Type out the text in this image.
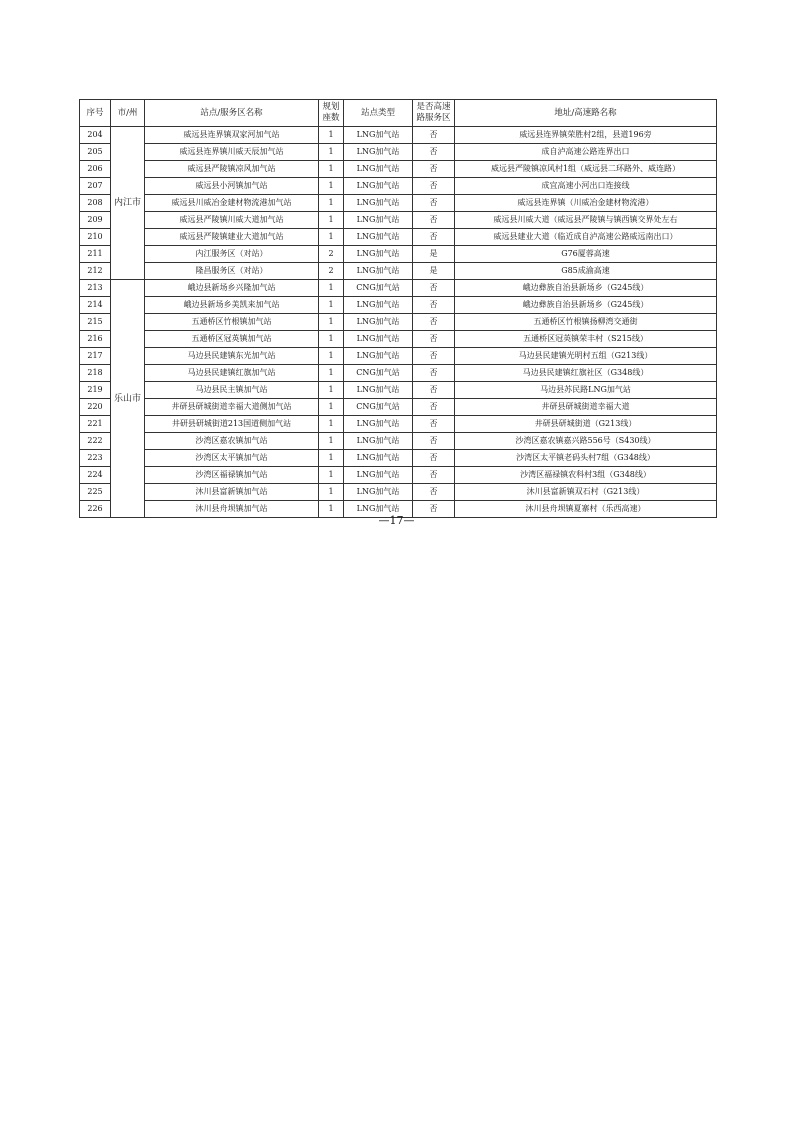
序号	市/州	站点/服务区名称	规划座数	站点类型	是否高速路服务区	地址/高速路名称
204	内江市	威远县连界镇双家河加气站	1	LNG加气站	否	威远县连界镇荣胜村2组，县道196旁
205		威远县连界镇川威天辰加气站	1	LNG加气站	否	成自泸高速公路连界出口
206		威远县严陵镇凉风加气站	1	LNG加气站	否	威远县严陵镇凉风村1组（威远县二环路外、威连路）
207		威远县小河镇加气站	1	LNG加气站	否	成宜高速小河出口连接线
208		威远县川威冶金建材物流港加气站	1	LNG加气站	否	威远县连界镇（川威冶金建材物流港）
209		威远县严陵镇川威大道加气站	1	LNG加气站	否	威远县川威大道（威远县严陵镇与镇西镇交界处左右
210		威远县严陵镇建业大道加气站	1	LNG加气站	否	威远县建业大道（临近成自泸高速公路威远南出口）
211		内江服务区（对站）	2	LNG加气站	是	G76厦蓉高速
212		隆昌服务区（对站）	2	LNG加气站	是	G85成渝高速
213	乐山市	峨边县新场乡兴隆加气站	1	CNG加气站	否	峨边彝族自治县新场乡（G245线）
214		峨边县新场乡美凯来加气站	1	LNG加气站	否	峨边彝族自治县新场乡（G245线）
215		五通桥区竹根镇加气站	1	LNG加气站	否	五通桥区竹根镇扬柳湾交通街
216		五通桥区冠英镇加气站	1	LNG加气站	否	五通桥区冠英镇荣丰村（S215线）
217		马边县民建镇东光加气站	1	LNG加气站	否	马边县民建镇光明村五组（G213线）
218		马边县民建镇红旗加气站	1	CNG加气站	否	马边县民建镇红旗社区（G348线）
219		马边县民主镇加气站	1	LNG加气站	否	马边县苏民路LNG加气站
220		井研县研城街道幸福大道侧加气站	1	CNG加气站	否	井研县研城街道幸福大道
221		井研县研城街道213国道侧加气站	1	LNG加气站	否	井研县研城街道（G213线）
222		沙湾区嘉农镇加气站	1	LNG加气站	否	沙湾区嘉农镇嘉兴路556号（S430线）
223		沙湾区太平镇加气站	1	LNG加气站	否	沙湾区太平镇老码头村7组（G348线）
224		沙湾区福禄镇加气站	1	LNG加气站	否	沙湾区福禄镇农科村3组（G348线）
225		沐川县富新镇加气站	1	LNG加气站	否	沐川县富新镇双石村（G213线）
226		沐川县舟坝镇加气站	1	LNG加气站	否	沐川县舟坝镇夏寨村（乐西高速）
—17—
